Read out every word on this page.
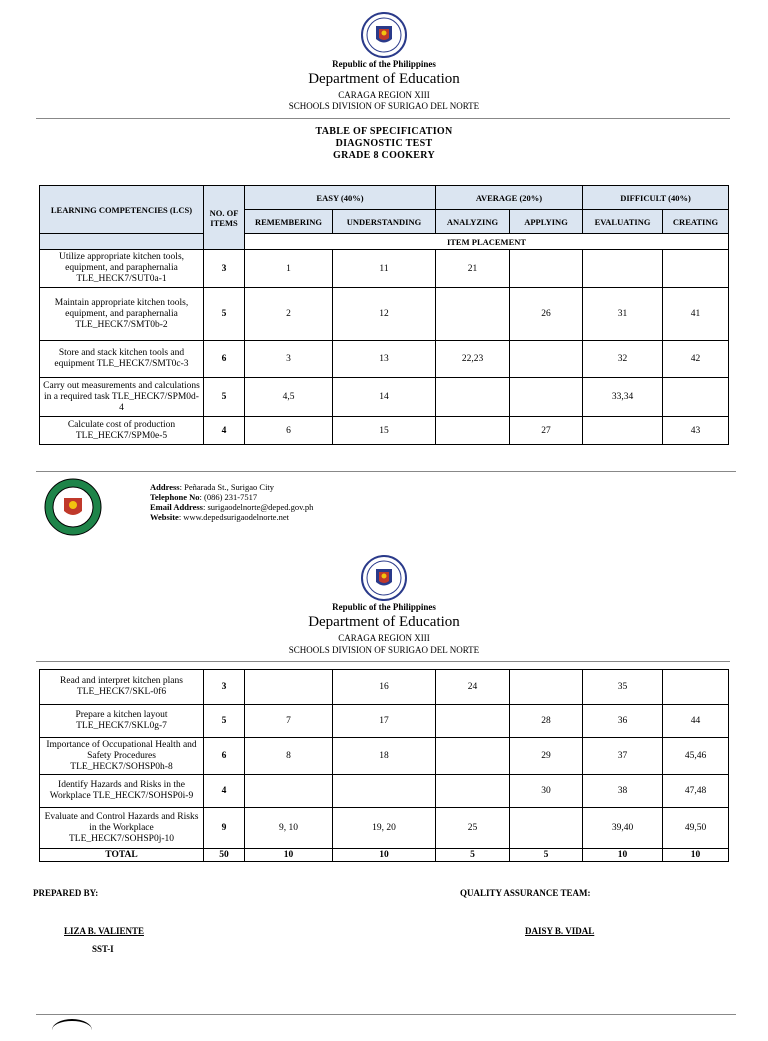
Republic of the Philippines
Department of Education
CARAGA REGION XIII
SCHOOLS DIVISION OF SURIGAO DEL NORTE
TABLE OF SPECIFICATION
DIAGNOSTIC TEST
GRADE 8 COOKERY
LEARNING COMPETENCIES (LCS)	NO. OF ITEMS	EASY (40%)		AVERAGE (20%)		DIFFICULT (40%)	
		REMEMBERING	UNDERSTANDING	ANALYZING	APPLYING	EVALUATING	CREATING
		ITEM PLACEMENT					
Utilize appropriate kitchen tools, equipment, and paraphernalia TLE_HECK7/SUT0a-1	3	1	11	21			
Maintain appropriate kitchen tools, equipment, and paraphernalia TLE_HECK7/SMT0b-2	5	2	12		26	31	41
Store and stack kitchen tools and equipment TLE_HECK7/SMT0c-3	6	3	13	22,23		32	42
Carry out measurements and calculations in a required task TLE_HECK7/SPM0d-4	5	4,5	14			33,34	
Calculate cost of production TLE_HECK7/SPM0e-5	4	6	15		27		43
Address: Peñarada St., Surigao City
Telephone No: (086) 231-7517
Email Address: surigaodelnorte@deped.gov.ph
Website: www.depedsurigaodelnorte.net
Republic of the Philippines
Department of Education
CARAGA REGION XIII
SCHOOLS DIVISION OF SURIGAO DEL NORTE
Read and interpret kitchen plans TLE_HECK7/SKL-0f6	3		16	24		35	
Prepare a kitchen layout TLE_HECK7/SKL0g-7	5	7	17		28	36	44
Importance of Occupational Health and Safety Procedures TLE_HECK7/SOHSP0h-8	6	8	18		29	37	45,46
Identify Hazards and Risks in the Workplace TLE_HECK7/SOHSP0i-9	4				30	38	47,48
Evaluate and Control Hazards and Risks in the Workplace TLE_HECK7/SOHSP0j-10	9	9, 10	19, 20	25		39,40	49,50
TOTAL	50	10	10	5	5	10	10
PREPARED BY:	QUALITY ASSURANCE TEAM:
LIZA B. VALIENTE
SST-I
DAISY B. VIDAL
